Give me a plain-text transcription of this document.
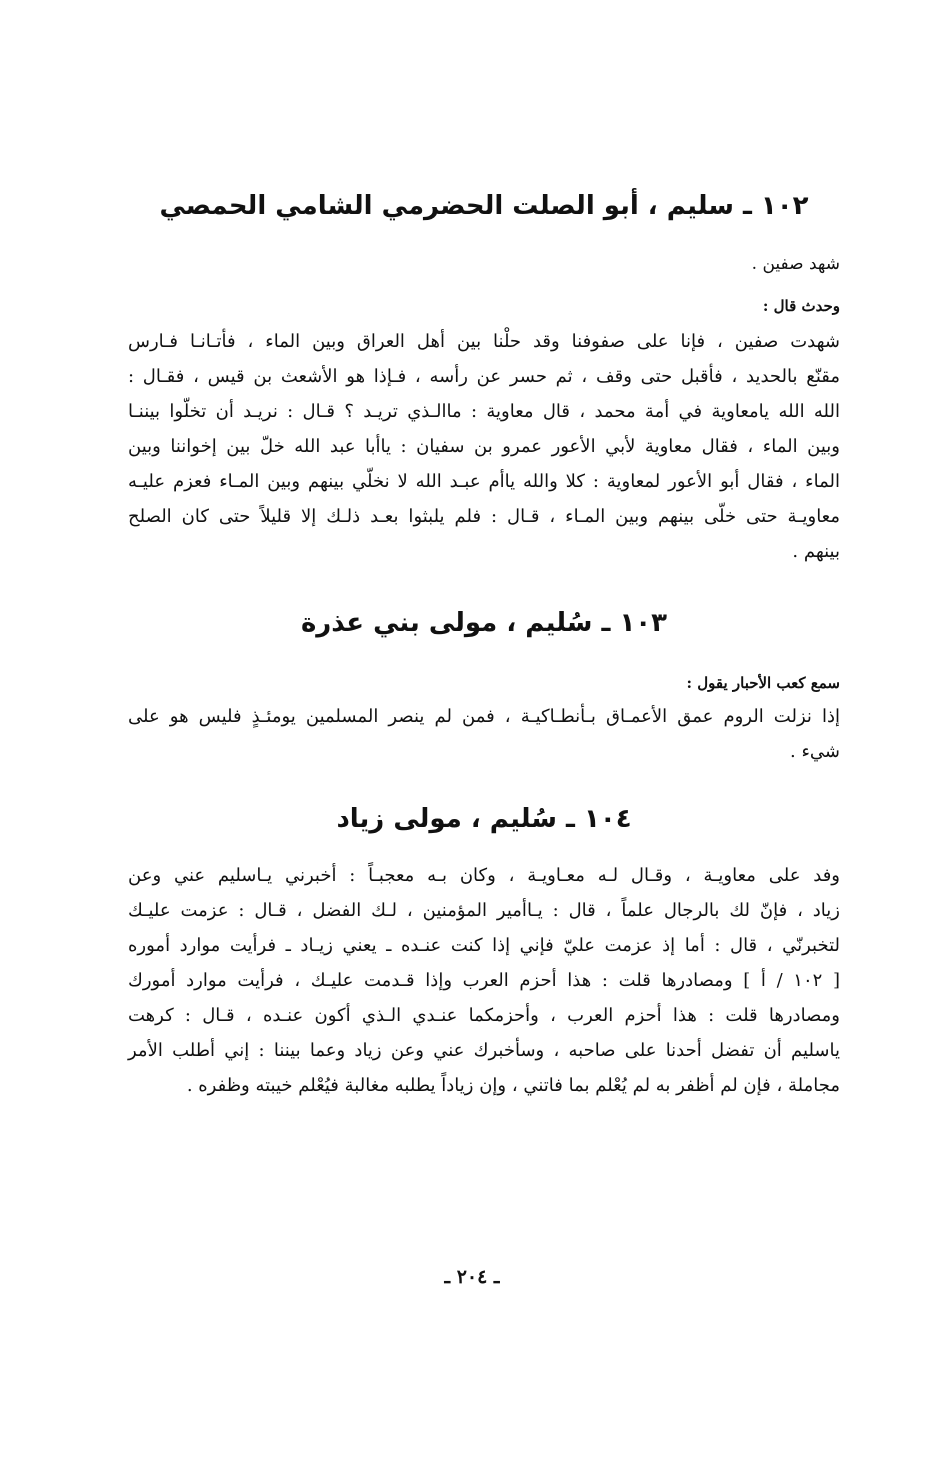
١٠٢ ـ سليم ، أبو الصلت الحضرمي الشامي الحمصي

شهد صفين .

وحدث قال :

شهدت صفين ، فإنا على صفوفنا وقد حلْنا بين أهل العراق وبين الماء ، فأتـانـا فـارس

مقنّع بالحديد ، فأقبل حتى وقف ، ثم حسر عن رأسه ، فـإذا هو الأشعث بن قيس ، فقـال :

الله الله يامعاوية في أمة محمد ، قال معاوية : ماالـذي تريـد ؟ قـال : نريـد أن تخلّوا بيننـا

وبين الماء ، فقال معاوية لأبي الأعور عمرو بن سفيان : ياأبا عبد الله خلّ بين إخواننا وبين

الماء ، فقال أبو الأعور لمعاوية : كلا والله ياأم عبـد الله لا نخلّي بينهم وبين المـاء فعزم عليـه

معاويـة حتى خلّى بينهم وبين المـاء ، قـال : فلم يلبثوا بعـد ذلـك إلا قليلاً حتى كان الصلح

بينهم .

١٠٣ ـ سُليم ، مولى بني عذرة

سمع كعب الأحبار يقول :

إذا نزلت الروم عمق الأعمـاق بـأنطـاكيـة ، فمن لم ينصر المسلمين يومئـذٍ فليس هو على

شيء .

١٠٤ ـ سُليم ، مولى زياد

وفد على معاويـة ، وقـال لـه معـاويـة ، وكان بـه معجبـاً : أخبرني يـاسليم عني وعن

زياد ، فإنّ لك بالرجال علماً ، قال : يـاأمير المؤمنين ، لـك الفضل ، قـال : عزمت عليـك

لتخبرنّي ، قال : أما إذ عزمت عليّ فإني إذا كنت عنـده ـ يعني زيـاد ـ فرأيت موارد أموره

[ ١٠٢ / أ ] ومصادرها قلت : هذا أحزم العرب وإذا قـدمت عليـك ، فرأيت موارد أمورك

ومصادرها قلت : هذا أحزم العرب ، وأحزمكما عنـدي الـذي أكون عنـده ، قـال : كرهت

ياسليم أن تفضل أحدنا على صاحبه ، وسأخبرك عني وعن زياد وعما بيننا : إني أطلب الأمر

مجاملة ، فإن لم أظفر به لم يُعْلم بما فاتني ، وإن زياداً يطلبه مغالبة فيُعْلم خيبته وظفره .

ـ ٢٠٤ ـ
